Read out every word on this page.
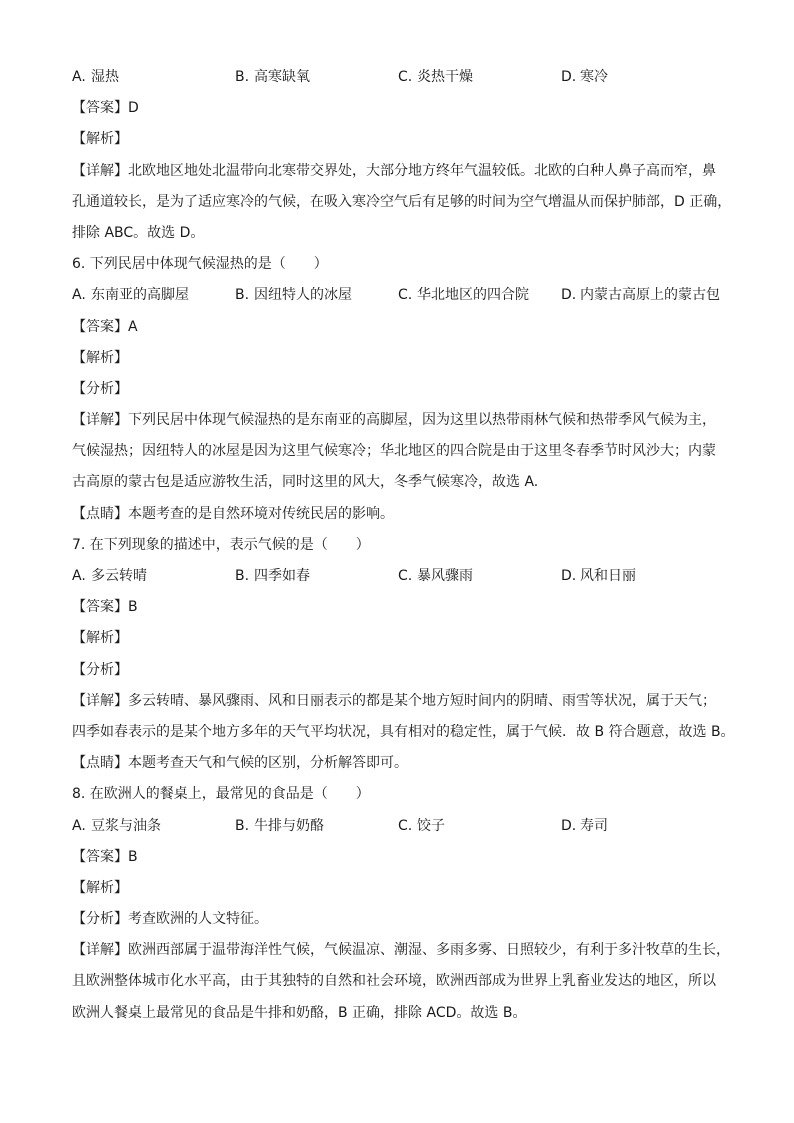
A. 湿热	B. 高寒缺氧	C. 炎热干燥	D. 寒冷
【答案】D
【解析】
【详解】北欧地区地处北温带向北寒带交界处，大部分地方终年气温较低。北欧的白种人鼻子高而窄，鼻
孔通道较长，是为了适应寒冷的气候，在吸入寒冷空气后有足够的时间为空气增温从而保护肺部，D 正确，
排除 ABC。故选 D。
6. 下列民居中体现气候湿热的是（　　）
A. 东南亚的高脚屋	B. 因纽特人的冰屋	C. 华北地区的四合院	D. 内蒙古高原上的蒙古包
【答案】A
【解析】
【分析】
【详解】下列民居中体现气候湿热的是东南亚的高脚屋，因为这里以热带雨林气候和热带季风气候为主，
气候湿热；因纽特人的冰屋是因为这里气候寒冷；华北地区的四合院是由于这里冬春季节时风沙大；内蒙
古高原的蒙古包是适应游牧生活，同时这里的风大，冬季气候寒冷，故选 A.
【点睛】本题考查的是自然环境对传统民居的影响。
7. 在下列现象的描述中，表示气候的是（　　）
A. 多云转晴	B. 四季如春	C. 暴风骤雨	D. 风和日丽
【答案】B
【解析】
【分析】
【详解】多云转晴、暴风骤雨、风和日丽表示的都是某个地方短时间内的阴晴、雨雪等状况，属于天气；
四季如春表示的是某个地方多年的天气平均状况，具有相对的稳定性，属于气候．故 B 符合题意，故选 B。
【点睛】本题考查天气和气候的区别，分析解答即可。
8. 在欧洲人的餐桌上，最常见的食品是（　　）
A. 豆浆与油条	B. 牛排与奶酪	C. 饺子	D. 寿司
【答案】B
【解析】
【分析】考查欧洲的人文特征。
【详解】欧洲西部属于温带海洋性气候，气候温凉、潮湿、多雨多雾、日照较少，有利于多汁牧草的生长，
且欧洲整体城市化水平高，由于其独特的自然和社会环境，欧洲西部成为世界上乳畜业发达的地区，所以
欧洲人餐桌上最常见的食品是牛排和奶酪，B 正确，排除 ACD。故选 B。
